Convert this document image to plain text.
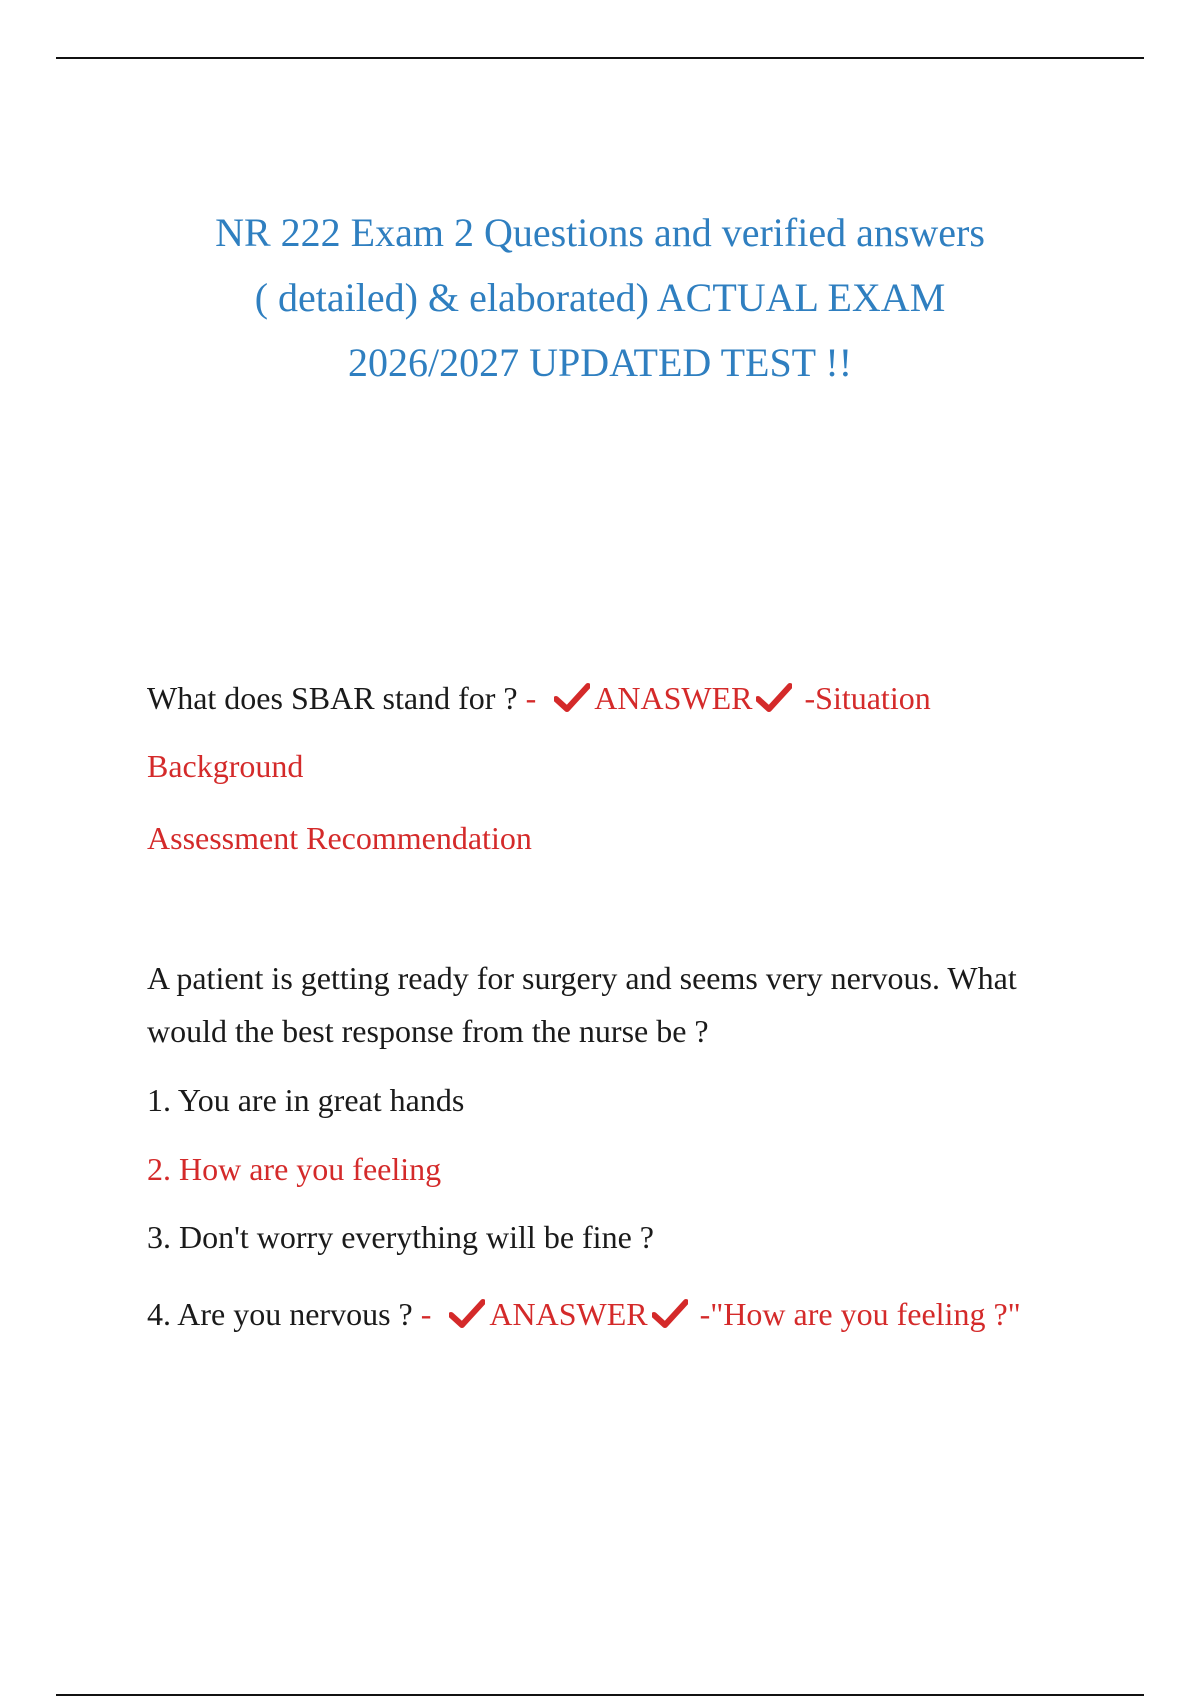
NR 222 Exam 2 Questions and verified answers
( detailed) & elaborated) ACTUAL EXAM
2026/2027 UPDATED TEST !!
What does SBAR stand for ? -
ANASWER
-Situation
Background
Assessment Recommendation
A patient is getting ready for surgery and seems very nervous. What
would the best response from the nurse be ?
1. You are in great hands
2. How are you feeling
3. Don't worry everything will be fine ?
4. Are you nervous ? -
ANASWER
-"How are you feeling ?"
